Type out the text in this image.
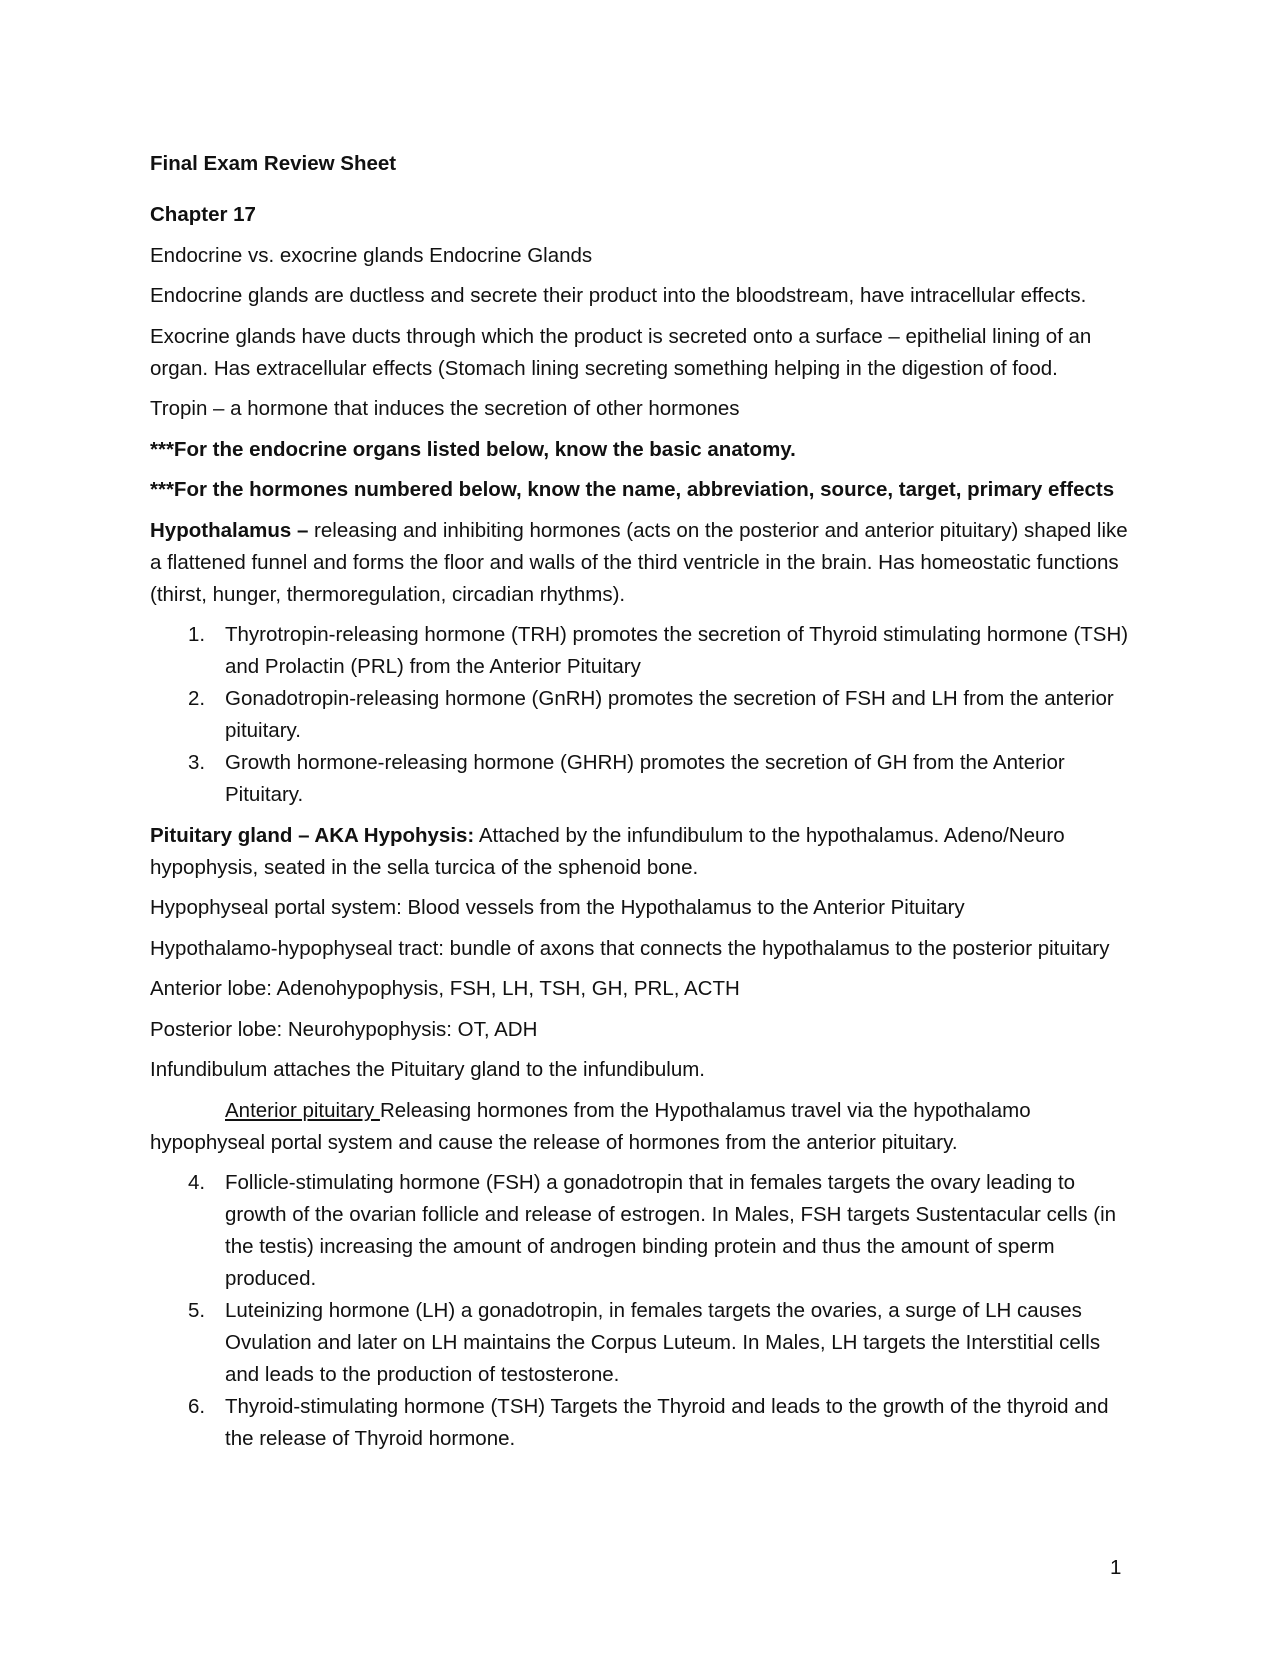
Final Exam Review Sheet

Chapter 17

Endocrine vs. exocrine glands Endocrine Glands

Endocrine glands are ductless and secrete their product into the bloodstream, have intracellular effects.

Exocrine glands have ducts through which the product is secreted onto a surface – epithelial lining of an organ. Has extracellular effects (Stomach lining secreting something helping in the digestion of food.

Tropin – a hormone that induces the secretion of other hormones

***For the endocrine organs listed below, know the basic anatomy.

***For the hormones numbered below, know the name, abbreviation, source, target, primary effects

Hypothalamus – releasing and inhibiting hormones (acts on the posterior and anterior pituitary) shaped like a flattened funnel and forms the floor and walls of the third ventricle in the brain. Has homeostatic functions (thirst, hunger, thermoregulation, circadian rhythms).

1. Thyrotropin-releasing hormone (TRH) promotes the secretion of Thyroid stimulating hormone (TSH) and Prolactin (PRL) from the Anterior Pituitary
2. Gonadotropin-releasing hormone (GnRH) promotes the secretion of FSH and LH from the anterior pituitary.
3. Growth hormone-releasing hormone (GHRH) promotes the secretion of GH from the Anterior Pituitary.

Pituitary gland – AKA Hypohysis: Attached by the infundibulum to the hypothalamus. Adeno/Neuro hypophysis, seated in the sella turcica of the sphenoid bone.

Hypophyseal portal system: Blood vessels from the Hypothalamus to the Anterior Pituitary

Hypothalamo-hypophyseal tract: bundle of axons that connects the hypothalamus to the posterior pituitary

Anterior lobe: Adenohypophysis, FSH, LH, TSH, GH, PRL, ACTH

Posterior lobe: Neurohypophysis: OT, ADH

Infundibulum attaches the Pituitary gland to the infundibulum.

Anterior pituitary Releasing hormones from the Hypothalamus travel via the hypothalamo hypophyseal portal system and cause the release of hormones from the anterior pituitary.

4. Follicle-stimulating hormone (FSH) a gonadotropin that in females targets the ovary leading to growth of the ovarian follicle and release of estrogen. In Males, FSH targets Sustentacular cells (in the testis) increasing the amount of androgen binding protein and thus the amount of sperm produced.
5. Luteinizing hormone (LH) a gonadotropin, in females targets the ovaries, a surge of LH causes Ovulation and later on LH maintains the Corpus Luteum. In Males, LH targets the Interstitial cells and leads to the production of testosterone.
6. Thyroid-stimulating hormone (TSH) Targets the Thyroid and leads to the growth of the thyroid and the release of Thyroid hormone.
1
